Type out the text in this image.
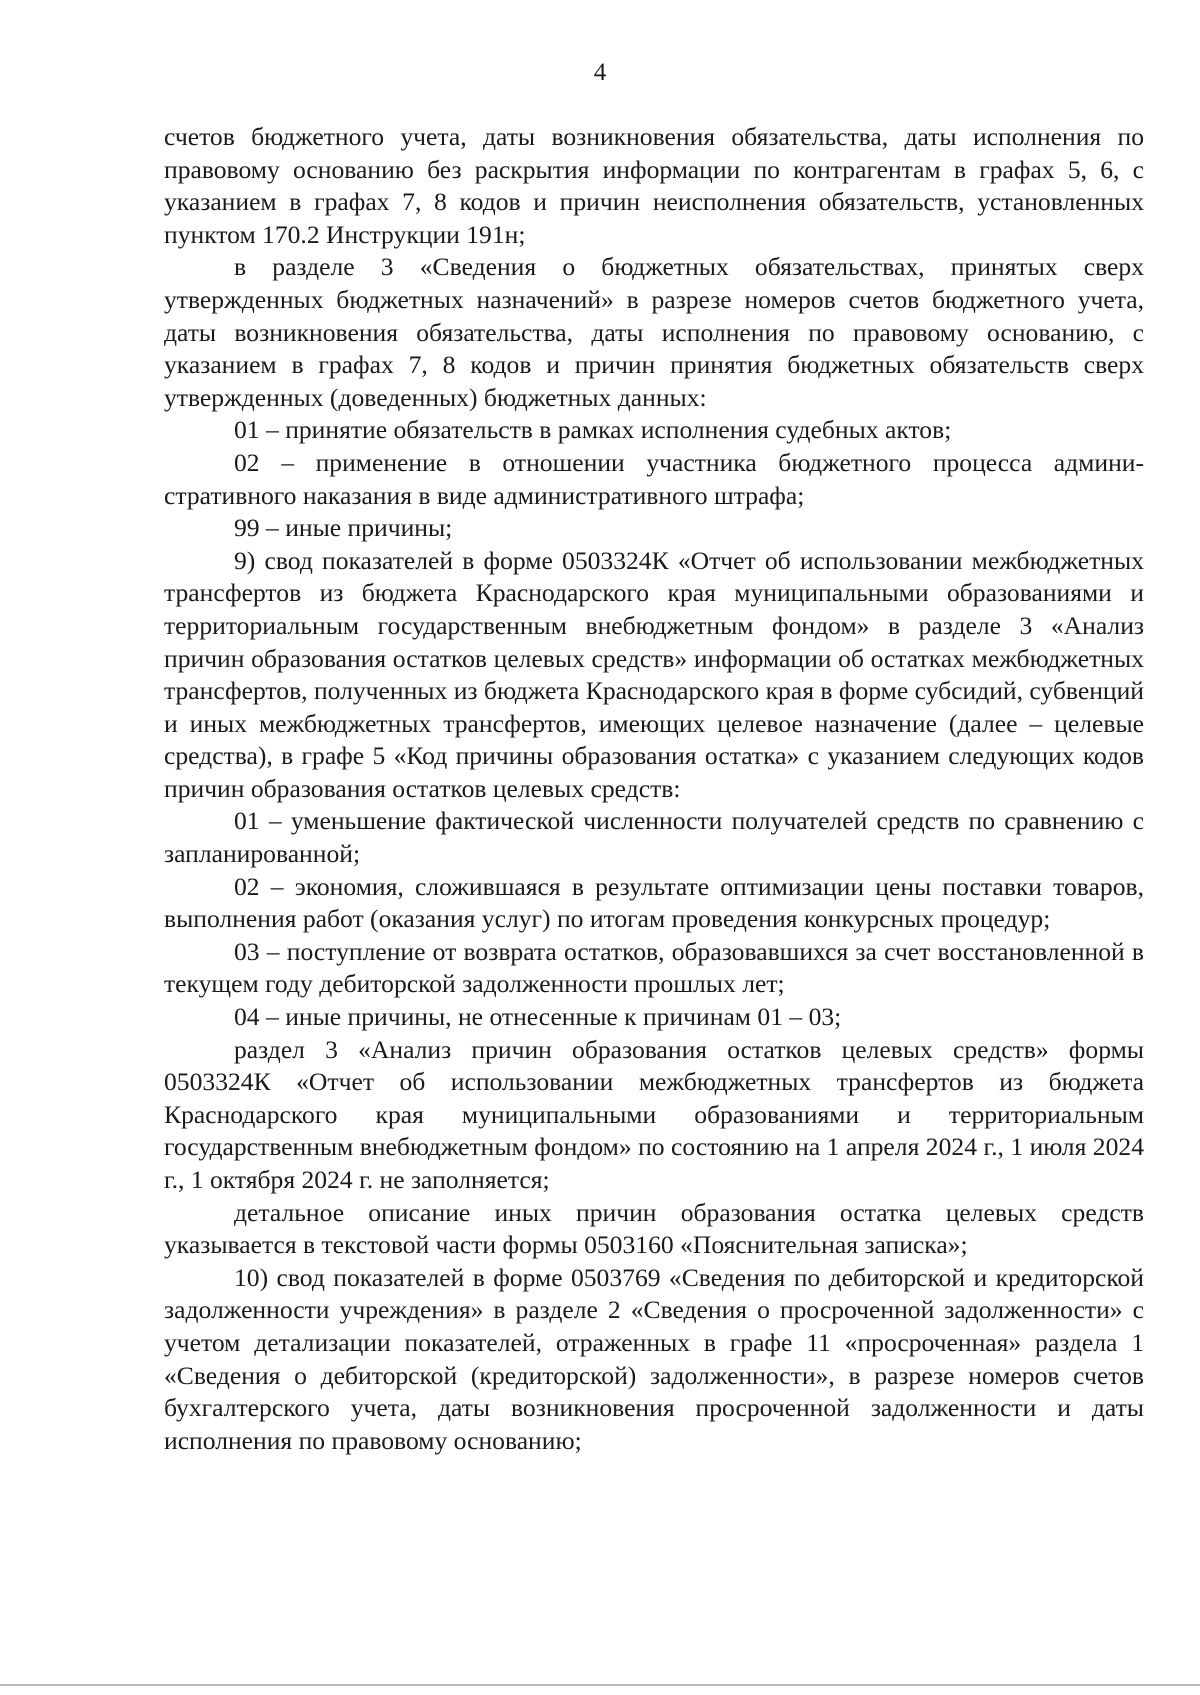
4

счетов бюджетного учета, даты возникновения обязательства, даты исполнения по правовому основанию без раскрытия информации по контрагентам в графах 5, 6, с указанием в графах 7, 8 кодов и причин неисполнения обязательств, установленных пунктом 170.2 Инструкции 191н;

в разделе 3 «Сведения о бюджетных обязательствах, принятых сверх утвержденных бюджетных назначений» в разрезе номеров счетов бюджетного учета, даты возникновения обязательства, даты исполнения по правовому основанию, с указанием в графах 7, 8 кодов и причин принятия бюджетных обязательств сверх утвержденных (доведенных) бюджетных данных:

01 – принятие обязательств в рамках исполнения судебных актов;

02 – применение в отношении участника бюджетного процесса административного наказания в виде административного штрафа;

99 – иные причины;

9) свод показателей в форме 0503324К «Отчет об использовании межбюджетных трансфертов из бюджета Краснодарского края муниципальными образованиями и территориальным государственным внебюджетным фондом» в разделе 3 «Анализ причин образования остатков целевых средств» информации об остатках межбюджетных трансфертов, полученных из бюджета Краснодарского края в форме субсидий, субвенций и иных межбюджетных трансфертов, имеющих целевое назначение (далее – целевые средства), в графе 5 «Код причины образования остатка» с указанием следующих кодов причин образования остатков целевых средств:

01 – уменьшение фактической численности получателей средств по сравнению с запланированной;

02 – экономия, сложившаяся в результате оптимизации цены поставки товаров, выполнения работ (оказания услуг) по итогам проведения конкурсных процедур;

03 – поступление от возврата остатков, образовавшихся за счет восстановленной в текущем году дебиторской задолженности прошлых лет;

04 – иные причины, не отнесенные к причинам 01 – 03;

раздел 3 «Анализ причин образования остатков целевых средств» формы 0503324К «Отчет об использовании межбюджетных трансфертов из бюджета Краснодарского края муниципальными образованиями и территориальным государственным внебюджетным фондом» по состоянию на 1 апреля 2024 г., 1 июля 2024 г., 1 октября 2024 г. не заполняется;

детальное описание иных причин образования остатка целевых средств указывается в текстовой части формы 0503160 «Пояснительная записка»;

10) свод показателей в форме 0503769 «Сведения по дебиторской и кредиторской задолженности учреждения» в разделе 2 «Сведения о просроченной задолженности» с учетом детализации показателей, отраженных в графе 11 «просроченная» раздела 1 «Сведения о дебиторской (кредиторской) задолженности», в разрезе номеров счетов бухгалтерского учета, даты возникновения просроченной задолженности и даты исполнения по правовому основанию;
